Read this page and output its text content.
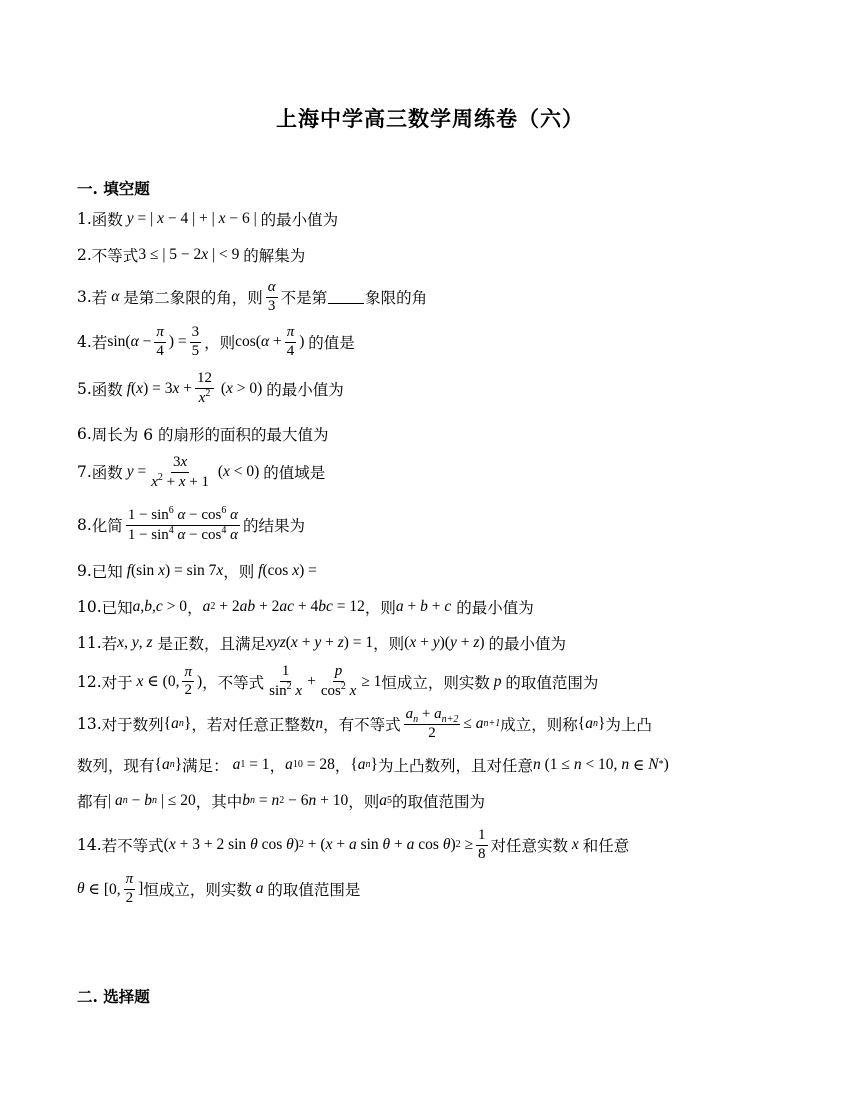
上海中学高三数学周练卷（六）
一. 填空题
1. 函数 y = | x − 4 | + | x − 6 | 的最小值为
2. 不等式 3 ≤ | 5 − 2 x | < 9 的解集为
3. 若 α 是第二象限的角，则 $\frac{\alpha}{3}$ 不是第 象限的角
4. 若 sin( $\alpha - \frac{\pi}{4}$ ) = $\frac{3}{5}$ ，则 cos( $\alpha + \frac{\pi}{4}$ ) 的值是
5. 函数 f ( x ) = 3 $x + \frac{12}{x^2}$ ( x > 0) 的最小值为
6. 周长为 6 的扇形的面积的最大值为
7. 函数 $y = \frac{3x}{x^2 + x + 1}$ ( x < 0) 的值域是
8. 化简 $\frac{1 - \sin^6 \alpha - \cos^6 \alpha}{1 - \sin^4 \alpha - \cos^4 \alpha}$ 的结果为
9. 已知 f (sin x ) = sin 7 x ，则 f (cos x ) =
10. 已知 a , b , c > 0 ， a 2 + 2 ab + 2 ac + 4 bc = 12 ，则 a + b + c
的最小值为
11. 若 x , y , z
是正数，且满足 xyz ( x + y + z ) = 1 ，则 ( x + y )( y + z ) 的最小值为
12. 对于 x ∈ (0, $\frac{\pi}{2}$ ) ，不等式 $\frac{1}{\sin^2 x} + \frac{p}{\cos^2 x} \ge 1$ 恒成立，则实数 p 的取值范围为
13. 对于数列 { a n } ，若对任意正整数 n ，有不等式 $\frac{a_n + a_{n+2}}{2} \le a$ n+1 成立，则称 { a n } 为上凸
数列，现有 { a n } 满足： a 1 = 1 ， a 10 = 28 ， { a n } 为上凸数列，且对任意 n (1 ≤ n < 10, n ∈ N * )
都有 | a n − b n | ≤ 20 ，其中 b n = n 2 − 6 n + 10 ，则 a 5 的取值范围为
14. 若不等式 ( x + 3 + 2 sin θ cos θ ) 2 + ( x + a sin θ + a cos θ ) $2 \ge \frac{1}{8}$ 对任意实数 x 和任意
θ ∈ [0, $\frac{\pi}{2}$ ] 恒成立，则实数 a 的取值范围是
二. 选择题
